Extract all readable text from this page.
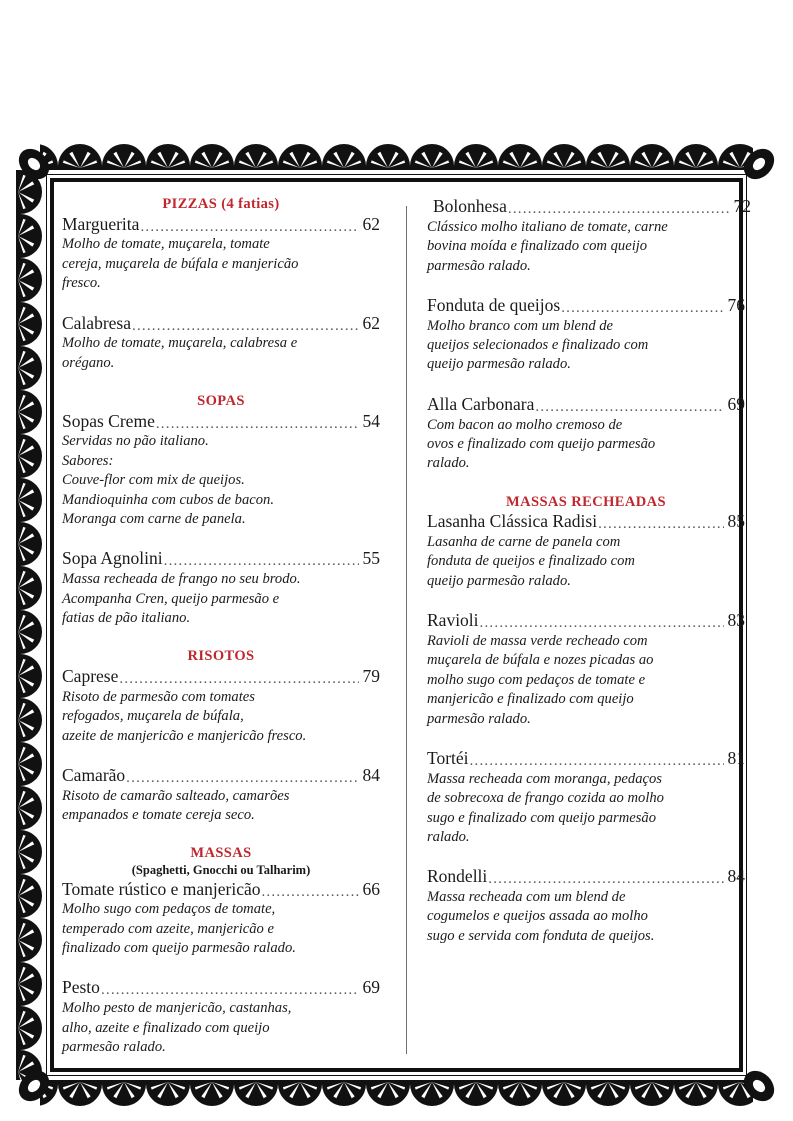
PIZZAS (4 fatias)
Marguerita .....	62
Molho de tomate, muçarela, tomate
cereja, muçarela de búfala e manjericão
fresco.
Calabresa .....	62
Molho de tomate, muçarela, calabresa e
orégano.
SOPAS
Sopas Creme .....	54
Servidas no pão italiano.
Sabores:
Couve-flor com mix de queijos.
Mandioquinha com cubos de bacon.
Moranga com carne de panela.
Sopa Agnolini .....	55
Massa recheada de frango no seu brodo.
Acompanha Cren, queijo parmesão e
fatias de pão italiano.
RISOTOS
Caprese .....	79
Risoto de parmesão com tomates
refogados, muçarela de búfala,
azeite de manjericão e manjericão fresco.
Camarão .....	84
Risoto de camarão salteado, camarões
empanados e tomate cereja seco.
MASSAS
(Spaghetti, Gnocchi ou Talharim)
Tomate rústico e manjericão .....	66
Molho sugo com pedaços de tomate,
temperado com azeite, manjericão e
finalizado com queijo parmesão ralado.
Pesto .....	69
Molho pesto de manjericão, castanhas,
alho, azeite e finalizado com queijo
parmesão ralado.
Bolonhesa .....	72
Clássico molho italiano de tomate, carne
bovina moída e finalizado com queijo
parmesão ralado.
Fonduta de queijos .....	76
Molho branco com um blend de
queijos selecionados e finalizado com
queijo parmesão ralado.
Alla Carbonara .....	69
Com bacon ao molho cremoso de
ovos e finalizado com queijo parmesão
ralado.
MASSAS RECHEADAS
Lasanha Clássica Radisi .....	85
Lasanha de carne de panela com
fonduta de queijos e finalizado com
queijo parmesão ralado.
Ravioli .....	83
Ravioli de massa verde recheado com
muçarela de búfala e nozes picadas ao
molho sugo com pedaços de tomate e
manjericão e finalizado com queijo
parmesão ralado.
Tortéi .....	81
Massa recheada com moranga, pedaços
de sobrecoxa de frango cozida ao molho
sugo e finalizado com queijo parmesão
ralado.
Rondelli .....	84
Massa recheada com um blend de
cogumelos e queijos assada ao molho
sugo e servida com fonduta de queijos.
